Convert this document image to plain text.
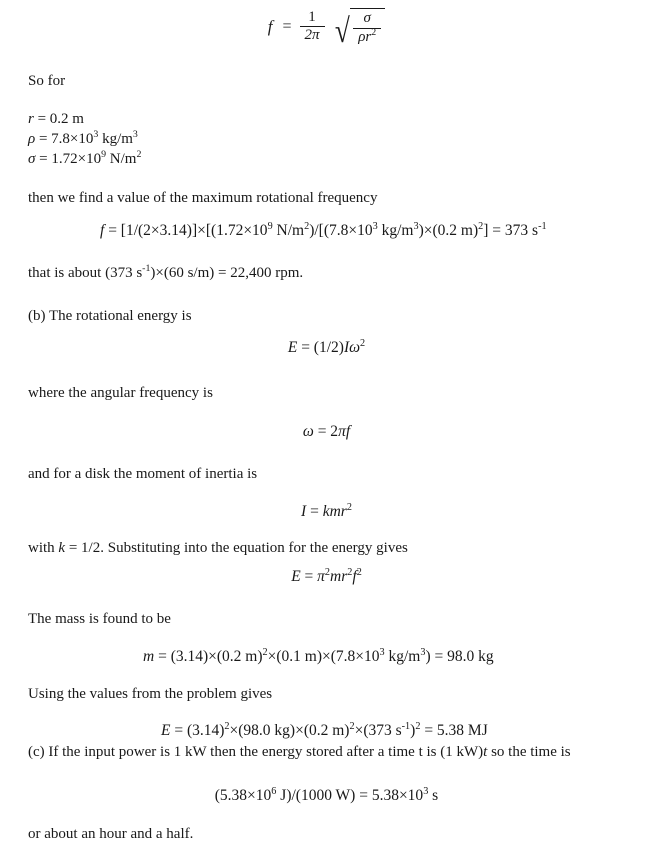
$f = \frac{1}{2\pi}$ √ $\frac{\sigma}{\rho r^2}$
So for
r = 0.2 m
$\rho = 7.8\times 10^3$ $kg/m^3$
$\sigma = 1.72\times 10^9$ $N/m^2$
then we find a value of the maximum rotational frequency
$f = [1/(2\times 3.14)]\times[(1.72\times 10^9$ $N/m^2)/[(7.8\times 10^3$ $kg/m^3)\times(0.2$ m)$^2$] = 373 $s^{-1}$
that is about (373 $s^{-1})\times(60$ s/m) = 22,400 rpm.
(b) The rotational energy is
$E = (1/2)I\omega^2$
where the angular frequency is
ω = 2πf
and for a disk the moment of inertia is
I = kmr$^2$
with k = 1/2. Substituting into the equation for the energy gives
$E = \pi^2mr^2f^2$
The mass is found to be
m = (3.14)×(0.2 m)$^2$×(0.1 $m)\times(7.8\times 10^3$ $kg/m^3) = 98.0$ kg
Using the values from the problem gives
$E = (3.14)^2\times(98.0$ kg)×(0.2 m)$^2$×(373 $s^{-1})^2 = 5.38$ MJ
(c) If the input power is 1 kW then the energy stored after a time t is (1 kW)t so the time is
($5.38\times 10^6$ J)/(1000 $W) = 5.38\times 10^3$ s
or about an hour and a half.
